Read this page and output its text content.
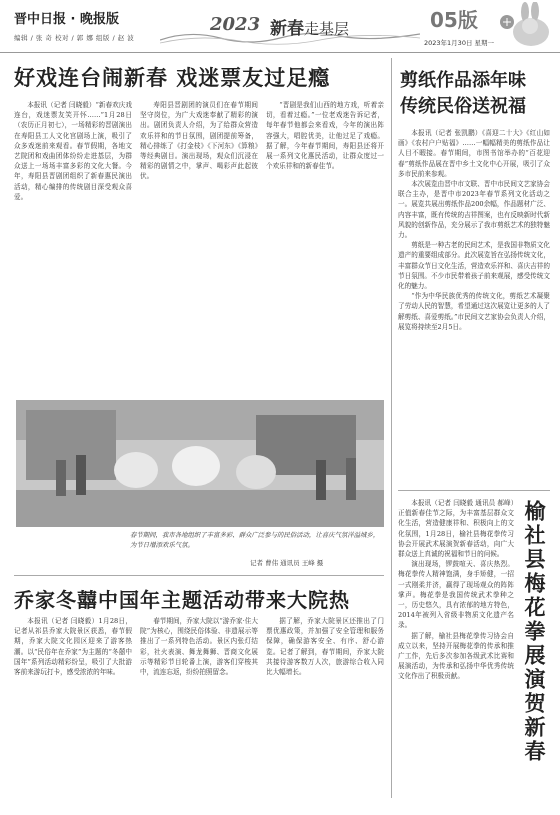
晋中日报 · 晚报版
编辑 / 张 奇 校对 / 郭 娜 组版 / 赵 波
2023 新春走基层	05版
2023年1月30日 星期一
好戏连台闹新春 戏迷票友过足瘾

本报讯（记者 闫晓毅）“新春欢庆戏连台，戏迷票友笑开怀……”1月28日（农历正月初七），一场精彩的晋剧演出在寿阳县工人文化宫剧场上演，吸引了众多戏迷前来观看。春节假期，各地文艺院团和戏曲团体纷纷走进基层，为群众送上一场场丰富多彩的文化大餐。今年，寿阳县晋剧团组织了新春惠民演出活动，精心编排的传统剧目深受观众喜爱。

寿阳县晋剧团的演员们在春节期间坚守岗位，为广大戏迷奉献了精彩的演出。剧团负责人介绍，为了给群众营造欢乐祥和的节日氛围，剧团提前筹备，精心排练了《打金枝》《下河东》《算粮》等经典剧目。演出现场，观众们沉浸在精彩的剧情之中，掌声、喝彩声此起彼伏。

“晋剧是我们山西的地方戏，听着亲切，看着过瘾。”一位老戏迷告诉记者，每年春节他都会来看戏，今年的演出阵容强大，唱腔优美，让他过足了戏瘾。据了解，今年春节期间，寿阳县还将开展一系列文化惠民活动，让群众度过一个欢乐祥和的新春佳节。

春节期间，我市各地组织了丰富多彩、群众广泛参与的民俗活动，让喜庆气氛洋溢城乡，为节日增添欢乐气氛。
记者 曹伟 通讯员 王峰 摄
剪纸作品添年味 传统民俗送祝福

本报讯（记者 张凯鹏）《喜迎二十大》《红山如画》《农村户户贴福》……一幅幅精美的剪纸作品让人目不暇接。春节期间，市图书馆举办的“百花迎春”剪纸作品展在晋中乡土文化中心开展，吸引了众多市民前来参观。

本次展览由晋中市文联、晋中市民间文艺家协会联合主办，是晋中市2023年春节系列文化活动之一。展览共展出剪纸作品200余幅，作品题材广泛、内容丰富，既有传统的吉祥图案，也有反映新时代新风貌的创新作品，充分展示了我市剪纸艺术的独特魅力。

剪纸是一种古老的民间艺术，是我国非物质文化遗产的重要组成部分。此次展览旨在弘扬传统文化，丰富群众节日文化生活，营造欢乐祥和、喜庆吉祥的节日氛围。不少市民带着孩子前来观展，感受传统文化的魅力。

“作为中华民族优秀的传统文化，剪纸艺术凝聚了劳动人民的智慧，希望通过这次展览让更多的人了解剪纸、喜爱剪纸。”市民间文艺家协会负责人介绍，展览将持续至2月5日。

乔家冬囍中国年主题活动带来大院热

本报讯（记者 闫晓毅）1月28日，记者从祁县乔家大院景区获悉，春节假期，乔家大院文化园区迎来了游客热潮。以“民俗年在乔家”为主题的“冬囍中国年”系列活动精彩纷呈，吸引了大批游客前来游玩打卡，感受浓浓的年味。

春节期间，乔家大院以“游乔家·住大院”为核心，围绕民俗体验、非遗展示等推出了一系列特色活动。景区内张灯结彩，社火表演、舞龙舞狮、晋商文化展示等精彩节目轮番上演，游客们穿梭其中，流连忘返，纷纷拍照留念。

据了解，乔家大院景区还推出了门票优惠政策，并加强了安全管理和服务保障，确保游客安全、有序、舒心游览。记者了解到，春节期间，乔家大院共接待游客数万人次，旅游综合收入同比大幅增长。

本报讯（记者 闫晓毅 通讯员 郝峰）正值新春佳节之际，为丰富基层群众文化生活，营造健康祥和、积极向上的文化氛围，1月28日，榆社县梅花拳传习协会开展武术展演贺新春活动，向广大群众送上真诚的祝福和节日的问候。

演出现场，锣鼓喧天、喜庆热烈。梅花拳传人精神饱满，身手矫健，一招一式刚柔并济，赢得了现场观众的阵阵掌声。梅花拳是我国传统武术拳种之一，历史悠久，具有浓郁的地方特色，2014年被列入省级非物质文化遗产名录。

据了解，榆社县梅花拳传习协会自成立以来，坚持开展梅花拳的传承和推广工作，先后多次参加各级武术比赛和展演活动，为传承和弘扬中华优秀传统文化作出了积极贡献。	榆社县梅花拳展演贺新春
